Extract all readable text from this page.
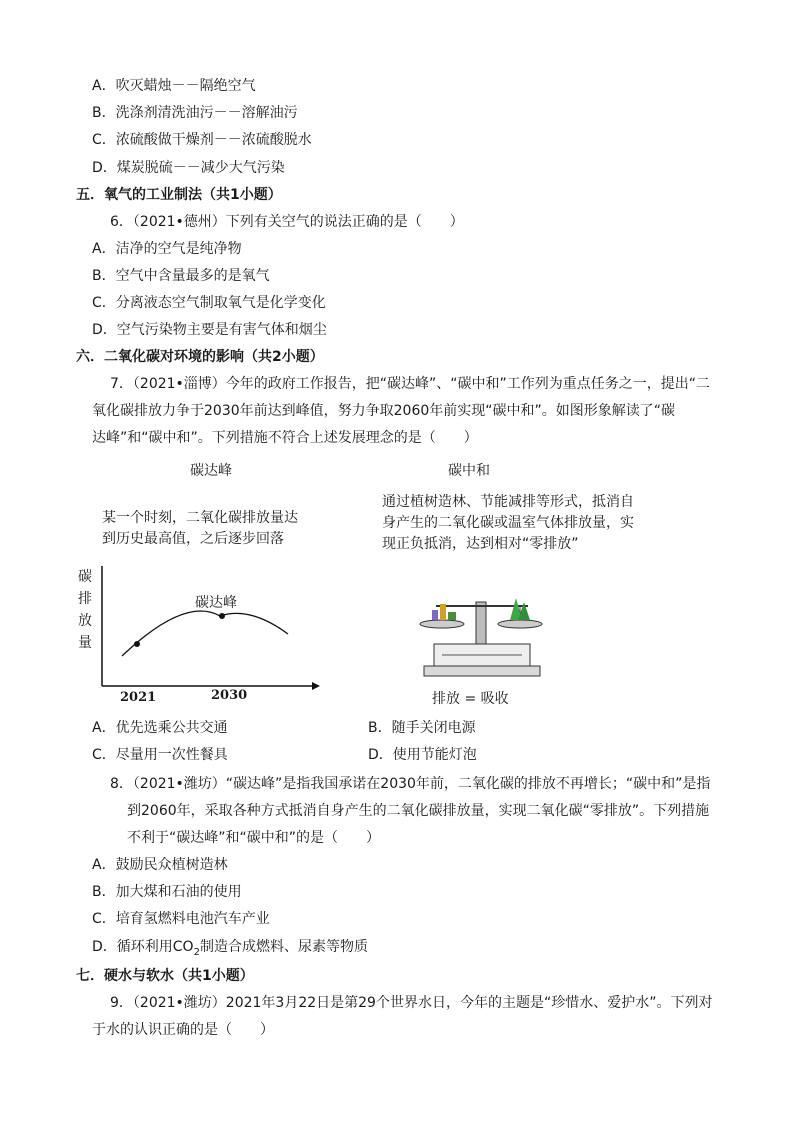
A．吹灭蜡烛－－隔绝空气
B．洗涤剂清洗油污－－溶解油污
C．浓硫酸做干燥剂－－浓硫酸脱水
D．煤炭脱硫－－减少大气污染
五．氧气的工业制法（共1小题）
6．（2021•德州）下列有关空气的说法正确的是（　　）
A．洁净的空气是纯净物
B．空气中含量最多的是氧气
C．分离液态空气制取氧气是化学变化
D．空气污染物主要是有害气体和烟尘
六．二氧化碳对环境的影响（共2小题）
7．（2021•淄博）今年的政府工作报告，把“碳达峰”、“碳中和”工作列为重点任务之一，提出“二
氧化碳排放力争于2030年前达到峰值，努力争取2060年前实现“碳中和”。如图形象解读了“碳
达峰”和“碳中和”。下列措施不符合上述发展理念的是（　　）
碳达峰
某一个时刻，二氧化碳排放量达
到历史最高值，之后逐步回落
碳排放量
碳达峰
2021	2030
碳中和
通过植树造林、节能减排等形式，抵消自
身产生的二氧化碳或温室气体排放量，实
现正负抵消，达到相对“零排放”
排放 = 吸收
A．优先选乘公共交通	B．随手关闭电源
C．尽量用一次性餐具	D．使用节能灯泡
8．（2021•潍坊）“碳达峰”是指我国承诺在2030年前，二氧化碳的排放不再增长；“碳中和”是指
到2060年，采取各种方式抵消自身产生的二氧化碳排放量，实现二氧化碳“零排放”。下列措施
不利于“碳达峰”和“碳中和”的是（　　）
A．鼓励民众植树造林
B．加大煤和石油的使用
C．培育氢燃料电池汽车产业
D．循环利用$CO_2$制造合成燃料、尿素等物质
七．硬水与软水（共1小题）
9．（2021•潍坊）2021年3月22日是第29个世界水日，今年的主题是“珍惜水、爱护水”。下列对
于水的认识正确的是（　　）
